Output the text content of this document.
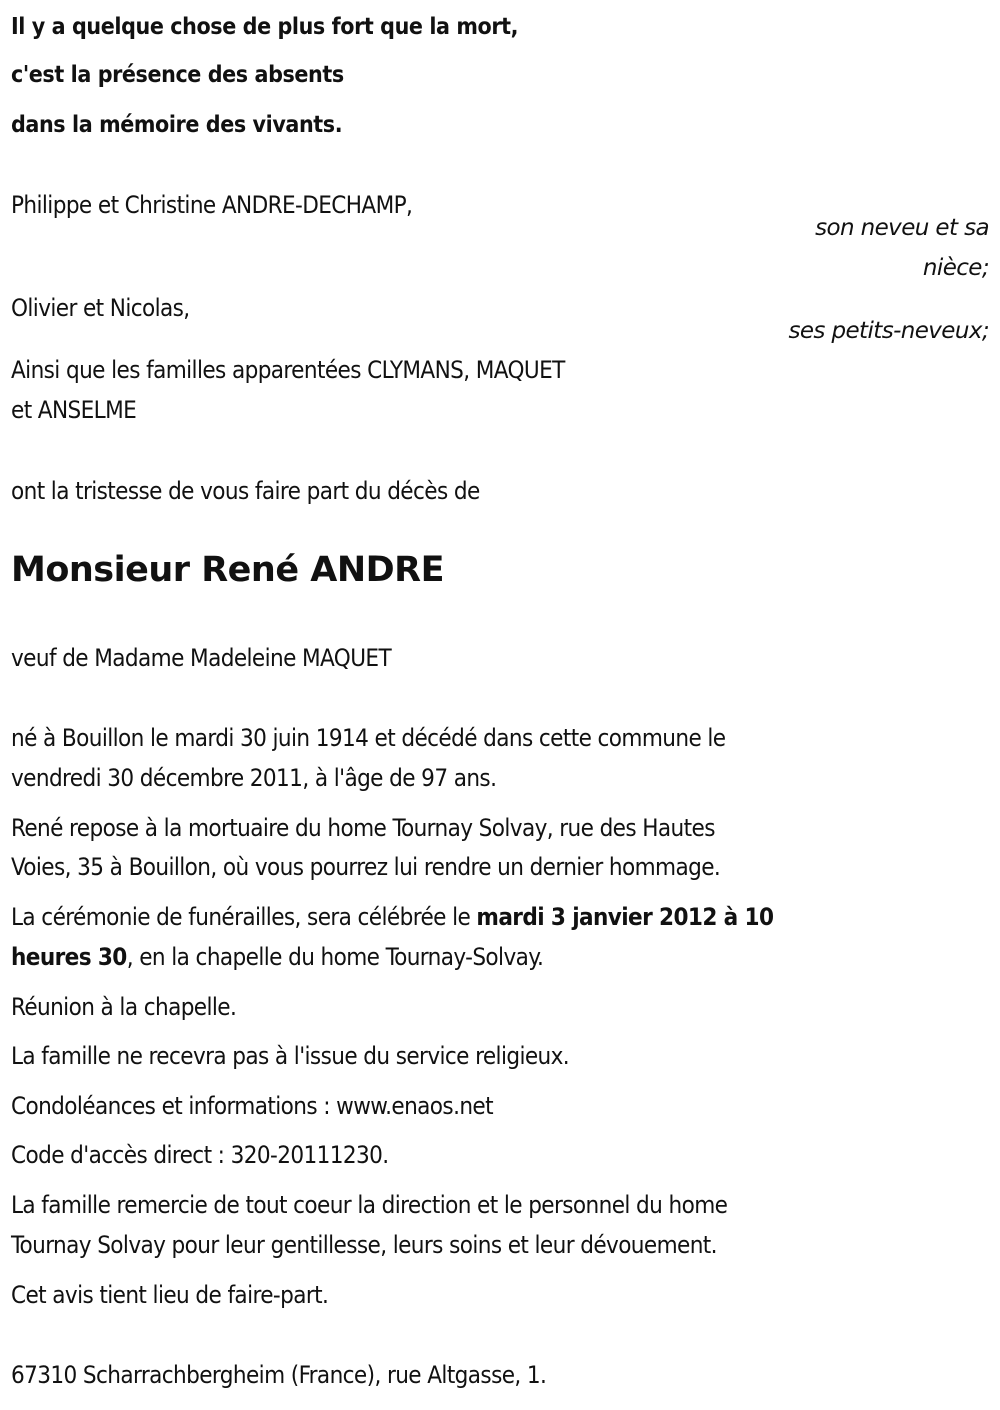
Il y a quelque chose de plus fort que la mort,
c'est la présence des absents
dans la mémoire des vivants.
Philippe et Christine ANDRE-DECHAMP,
son neveu et sa
nièce;
Olivier et Nicolas,
ses petits-neveux;
Ainsi que les familles apparentées CLYMANS, MAQUET
et ANSELME
ont la tristesse de vous faire part du décès de
Monsieur René ANDRE
veuf de Madame Madeleine MAQUET
né à Bouillon le mardi 30 juin 1914 et décédé dans cette commune le
vendredi 30 décembre 2011, à l'âge de 97 ans.
René repose à la mortuaire du home Tournay Solvay, rue des Hautes
Voies, 35 à Bouillon, où vous pourrez lui rendre un dernier hommage.
La cérémonie de funérailles, sera célébrée le mardi 3 janvier 2012 à 10
heures 30, en la chapelle du home Tournay-Solvay.
Réunion à la chapelle.
La famille ne recevra pas à l'issue du service religieux.
Condoléances et informations : www.enaos.net
Code d'accès direct : 320-20111230.
La famille remercie de tout coeur la direction et le personnel du home
Tournay Solvay pour leur gentillesse, leurs soins et leur dévouement.
Cet avis tient lieu de faire-part.
67310 Scharrachbergheim (France), rue Altgasse, 1.
